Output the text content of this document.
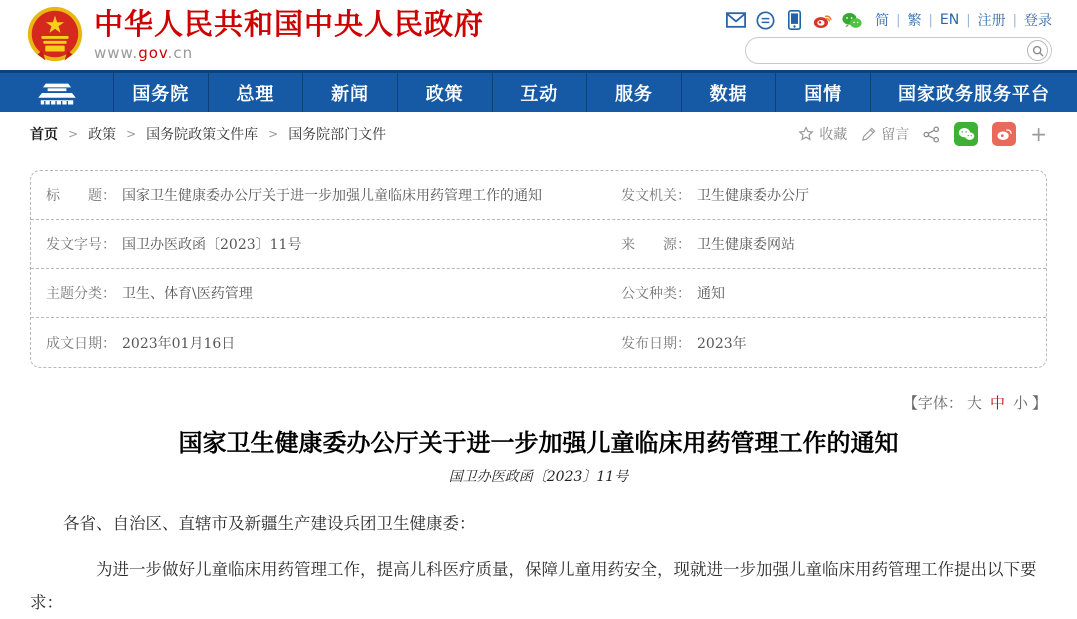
中华人民共和国中央人民政府
www.gov.cn
简 | 繁 | EN | 注册 | 登录
国务院	总理	新闻	政策	互动	服务	数据	国情	国家政务服务平台
首页 > 政策 > 国务院政策文件库 > 国务院部门文件	收藏 留言	+
标　　题： 国家卫生健康委办公厅关于进一步加强儿童临床用药管理工作的通知	发文机关： 卫生健康委办公厅
发文字号： 国卫办医政函〔2023〕11号	来　　源： 卫生健康委网站
主题分类： 卫生、体育\医药管理	公文种类： 通知
成文日期： 2023年01月16日	发布日期： 2023年
【字体： 大 中 小 】
国家卫生健康委办公厅关于进一步加强儿童临床用药管理工作的通知
国卫办医政函〔2023〕11号

各省、自治区、直辖市及新疆生产建设兵团卫生健康委：

为进一步做好儿童临床用药管理工作，提高儿科医疗质量，保障儿童用药安全，现就进一步加强儿童临床用药管理工作提出以下要求：
